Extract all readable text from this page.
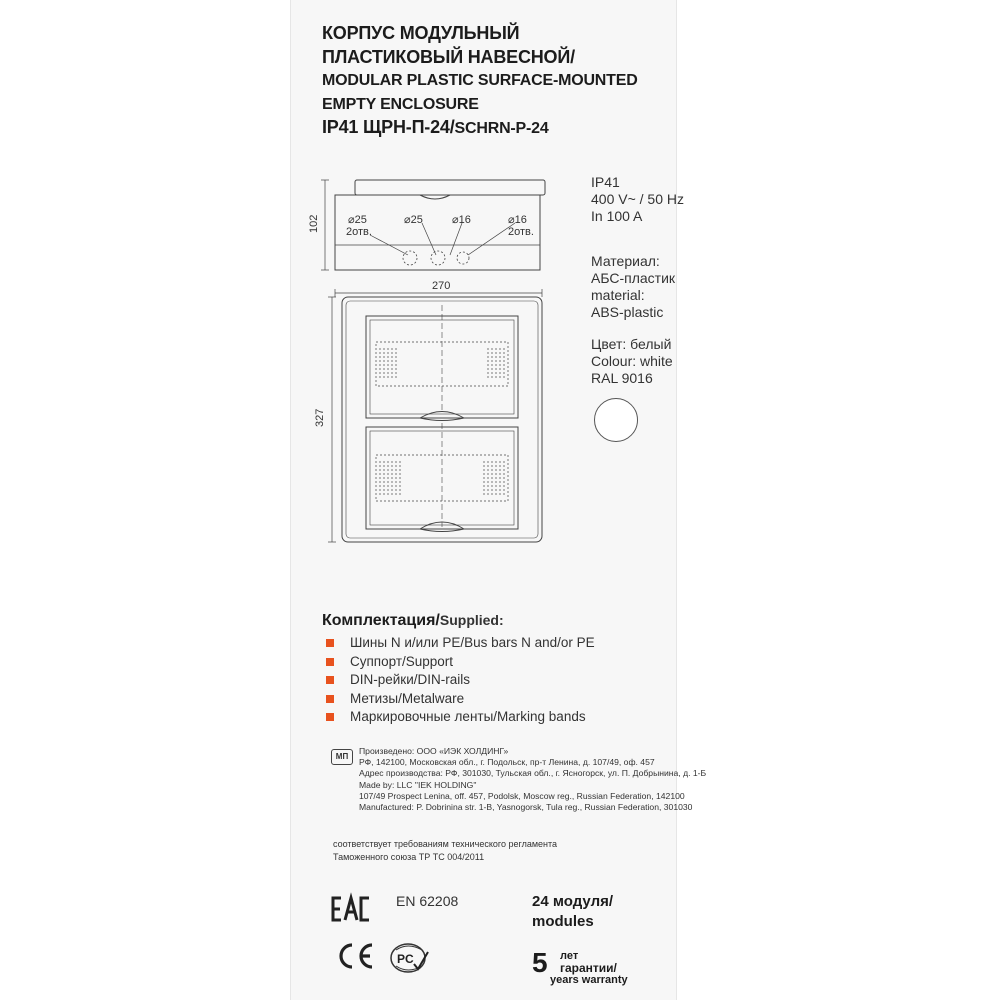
КОРПУС МОДУЛЬНЫЙ
ПЛАСТИКОВЫЙ НАВЕСНОЙ/
MODULAR PLASTIC SURFACE-MOUNTED
EMPTY ENCLOSURE
IP41 ЩРН-П-24/SCHRN-P-24
102	⌀25
2отв.
⌀25	⌀16	⌀16
2отв.
270
327
IP41
400 V~ / 50 Hz
In 100 A
Материал:
АБС-пластик
material:
ABS-plastic
Цвет: белый
Colour: white
RAL 9016
Комплектация/Supplied:
Шины N и/или PE/Bus bars N and/or PE
Суппорт/Support
DIN-рейки/DIN-rails
Метизы/Metalware
Маркировочные ленты/Marking bands
МП
Произведено: ООО «ИЭК ХОЛДИНГ»
РФ, 142100, Московская обл., г. Подольск, пр-т Ленина, д. 107/49, оф. 457
Адрес производства: РФ, 301030, Тульская обл., г. Ясногорск, ул. П. Добрынина, д. 1-Б
Made by: LLC "IEK HOLDING"
107/49 Prospect Lenina, off. 457, Podolsk, Moscow reg., Russian Federation, 142100
Manufactured: P. Dobrinina str. 1-B, Yasnogorsk, Tula reg., Russian Federation, 301030
соответствует требованиям технического регламента
Таможенного союза ТР ТС 004/2011
EN 62208	24 модуля/
modules
PC	5 лет
гарантии/
years warranty
